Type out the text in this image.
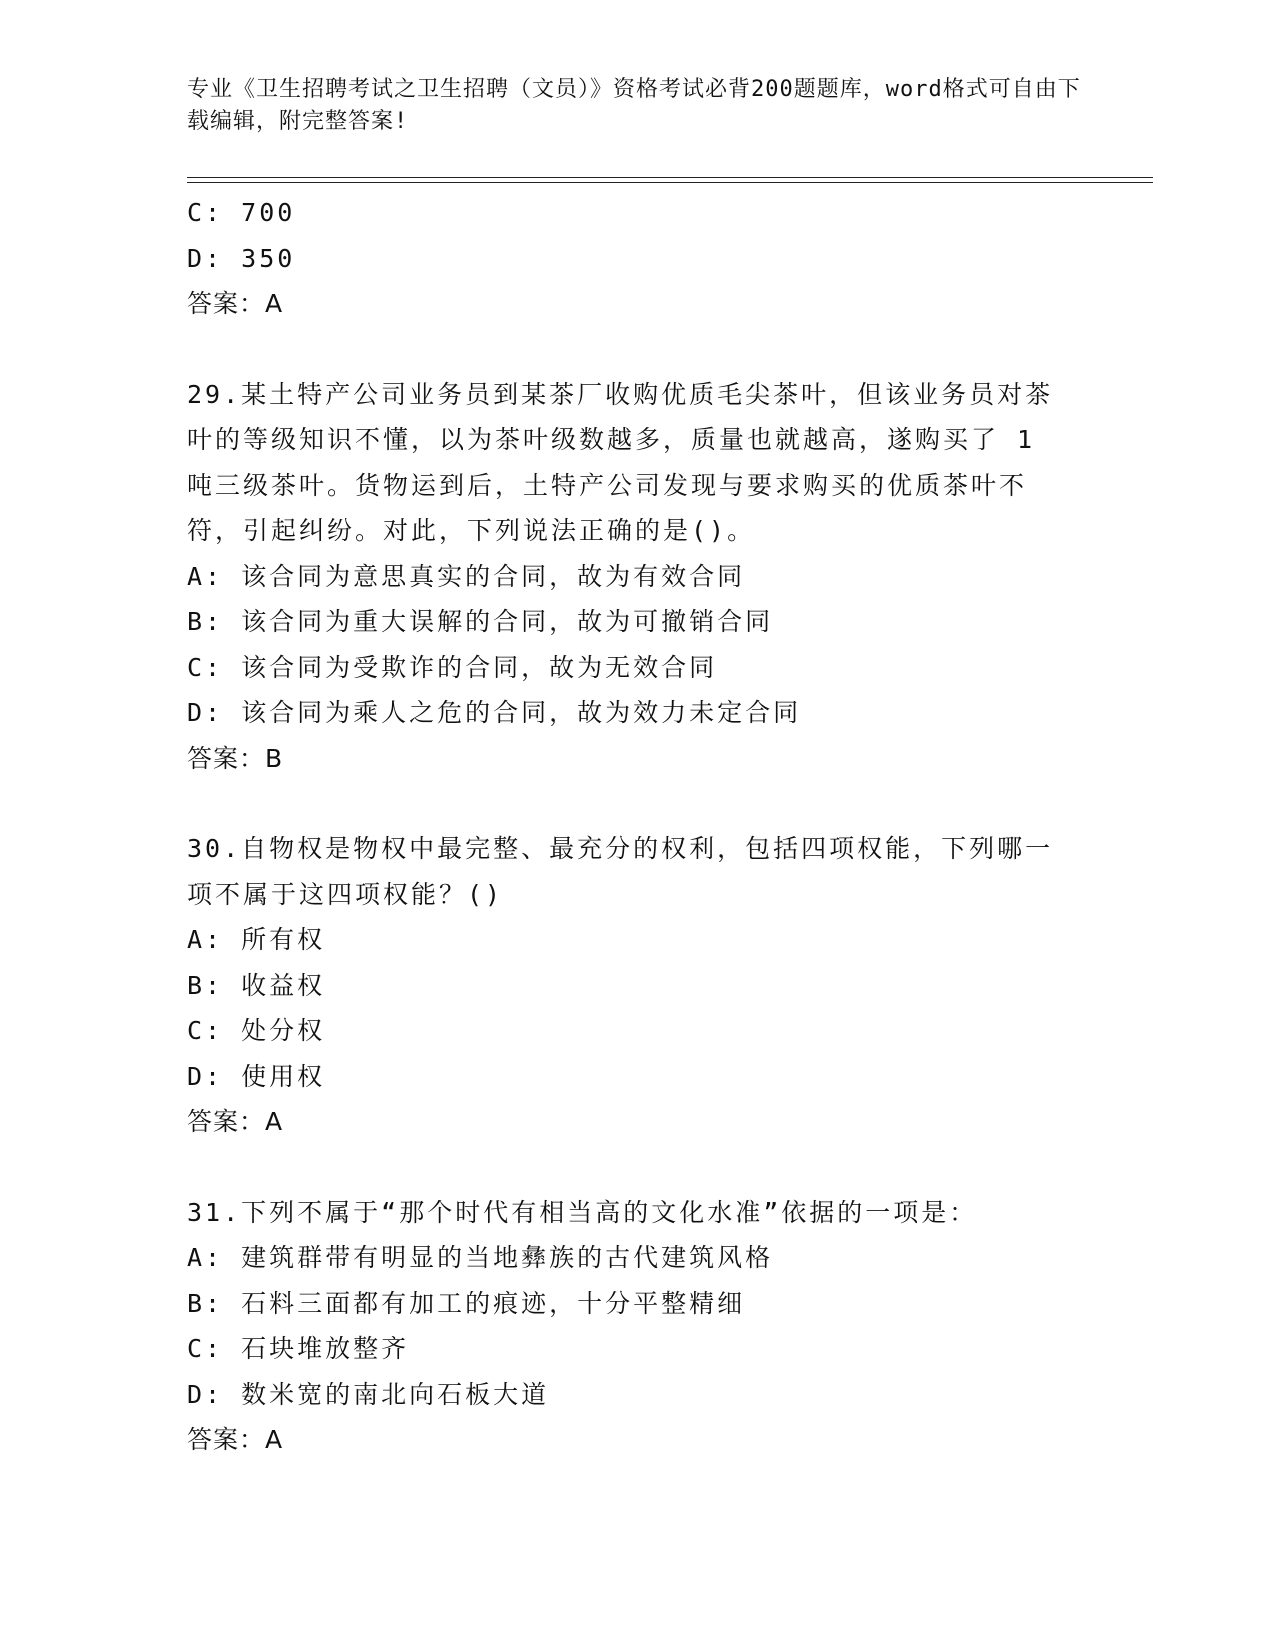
专业《卫生招聘考试之卫生招聘（文员）》资格考试必背200题题库，word格式可自由下载编辑，附完整答案!
C: 700
D: 350
答案：A
29.某土特产公司业务员到某茶厂收购优质毛尖茶叶，但该业务员对茶
叶的等级知识不懂，以为茶叶级数越多，质量也就越高，遂购买了 1
吨三级茶叶。货物运到后，土特产公司发现与要求购买的优质茶叶不
符，引起纠纷。对此，下列说法正确的是()。
A: 该合同为意思真实的合同，故为有效合同
B: 该合同为重大误解的合同，故为可撤销合同
C: 该合同为受欺诈的合同，故为无效合同
D: 该合同为乘人之危的合同，故为效力未定合同
答案：B
30.自物权是物权中最完整、最充分的权利，包括四项权能，下列哪一
项不属于这四项权能？()
A: 所有权
B: 收益权
C: 处分权
D: 使用权
答案：A
31.下列不属于“那个时代有相当高的文化水准”依据的一项是：
A: 建筑群带有明显的当地彝族的古代建筑风格
B: 石料三面都有加工的痕迹，十分平整精细
C: 石块堆放整齐
D: 数米宽的南北向石板大道
答案：A
